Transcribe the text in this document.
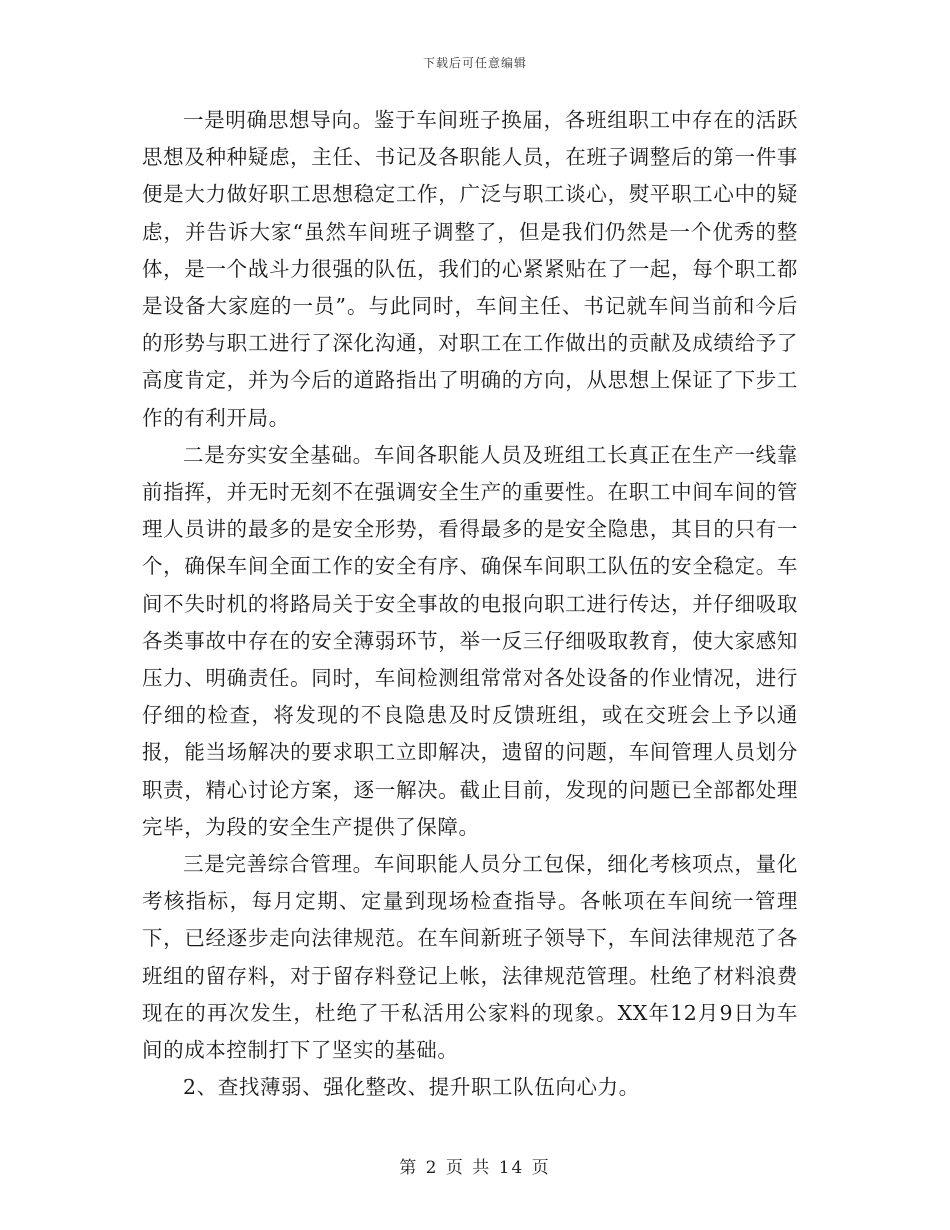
下载后可任意编辑

一是明确思想导向。鉴于车间班子换届，各班组职工中存在的活跃思想及种种疑虑，主任、书记及各职能人员，在班子调整后的第一件事便是大力做好职工思想稳定工作，广泛与职工谈心，熨平职工心中的疑虑，并告诉大家“虽然车间班子调整了，但是我们仍然是一个优秀的整体，是一个战斗力很强的队伍，我们的心紧紧贴在了一起，每个职工都是设备大家庭的一员”。与此同时，车间主任、书记就车间当前和今后的形势与职工进行了深化沟通，对职工在工作做出的贡献及成绩给予了高度肯定，并为今后的道路指出了明确的方向，从思想上保证了下步工作的有利开局。

二是夯实安全基础。车间各职能人员及班组工长真正在生产一线靠前指挥，并无时无刻不在强调安全生产的重要性。在职工中间车间的管理人员讲的最多的是安全形势，看得最多的是安全隐患，其目的只有一个，确保车间全面工作的安全有序、确保车间职工队伍的安全稳定。车间不失时机的将路局关于安全事故的电报向职工进行传达，并仔细吸取各类事故中存在的安全薄弱环节，举一反三仔细吸取教育，使大家感知压力、明确责任。同时，车间检测组常常对各处设备的作业情况，进行仔细的检查，将发现的不良隐患及时反馈班组，或在交班会上予以通报，能当场解决的要求职工立即解决，遗留的问题，车间管理人员划分职责，精心讨论方案，逐一解决。截止目前，发现的问题已全部都处理完毕，为段的安全生产提供了保障。

三是完善综合管理。车间职能人员分工包保，细化考核项点，量化考核指标，每月定期、定量到现场检查指导。各帐项在车间统一管理下，已经逐步走向法律规范。在车间新班子领导下，车间法律规范了各班组的留存料，对于留存料登记上帐，法律规范管理。杜绝了材料浪费现在的再次发生，杜绝了干私活用公家料的现象。XX年12月9日为车间的成本控制打下了坚实的基础。

2、查找薄弱、强化整改、提升职工队伍向心力。

第 2 页 共 14 页
